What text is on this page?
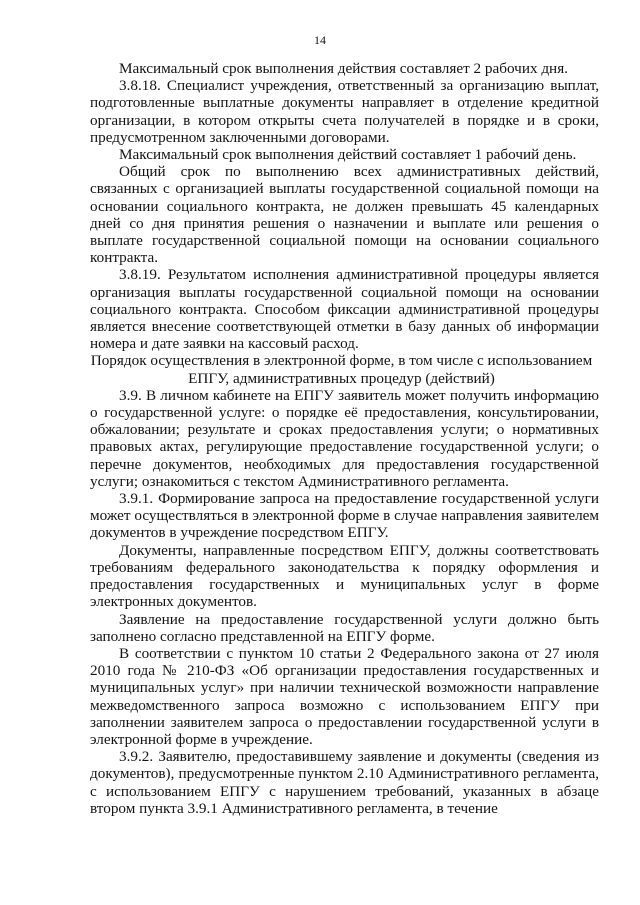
14

Максимальный срок выполнения действия составляет 2 рабочих дня.

3.8.18. Специалист учреждения, ответственный за организацию выплат, подготовленные выплатные документы направляет в отделение кредитной организации, в котором открыты счета получателей в порядке и в сроки, предусмотренном заключенными договорами.

Максимальный срок выполнения действий составляет 1 рабочий день.

Общий срок по выполнению всех административных действий, связанных с организацией выплаты государственной социальной помощи на основании социального контракта, не должен превышать 45 календарных дней со дня принятия решения о назначении и выплате или решения о выплате государственной социальной помощи на основании социального контракта.

3.8.19. Результатом исполнения административной процедуры является организация выплаты государственной социальной помощи на основании социального контракта. Способом фиксации административной процедуры является внесение соответствующей отметки в базу данных об информации номера и дате заявки на кассовый расход.

Порядок осуществления в электронной форме, в том числе с использованием ЕПГУ, административных процедур (действий)

3.9. В личном кабинете на ЕПГУ заявитель может получить информацию о государственной услуге: о порядке её предоставления, консультировании, обжаловании; результате и сроках предоставления услуги; о нормативных правовых актах, регулирующие предоставление государственной услуги; о перечне документов, необходимых для предоставления государственной услуги; ознакомиться с текстом Административного регламента.

3.9.1. Формирование запроса на предоставление государственной услуги может осуществляться в электронной форме в случае направления заявителем документов в учреждение посредством ЕПГУ.

Документы, направленные посредством ЕПГУ, должны соответствовать требованиям федерального законодательства к порядку оформления и предоставления государственных и муниципальных услуг в форме электронных документов.

Заявление на предоставление государственной услуги должно быть заполнено согласно представленной на ЕПГУ форме.

В соответствии с пунктом 10 статьи 2 Федерального закона от 27 июля 2010 года № 210-ФЗ «Об организации предоставления государственных и муниципальных услуг» при наличии технической возможности направление межведомственного запроса возможно с использованием ЕПГУ при заполнении заявителем запроса о предоставлении государственной услуги в электронной форме в учреждение.

3.9.2. Заявителю, предоставившему заявление и документы (сведения из документов), предусмотренные пунктом 2.10 Административного регламента, с использованием ЕПГУ с нарушением требований, указанных в абзаце втором пункта 3.9.1 Административного регламента, в течение
